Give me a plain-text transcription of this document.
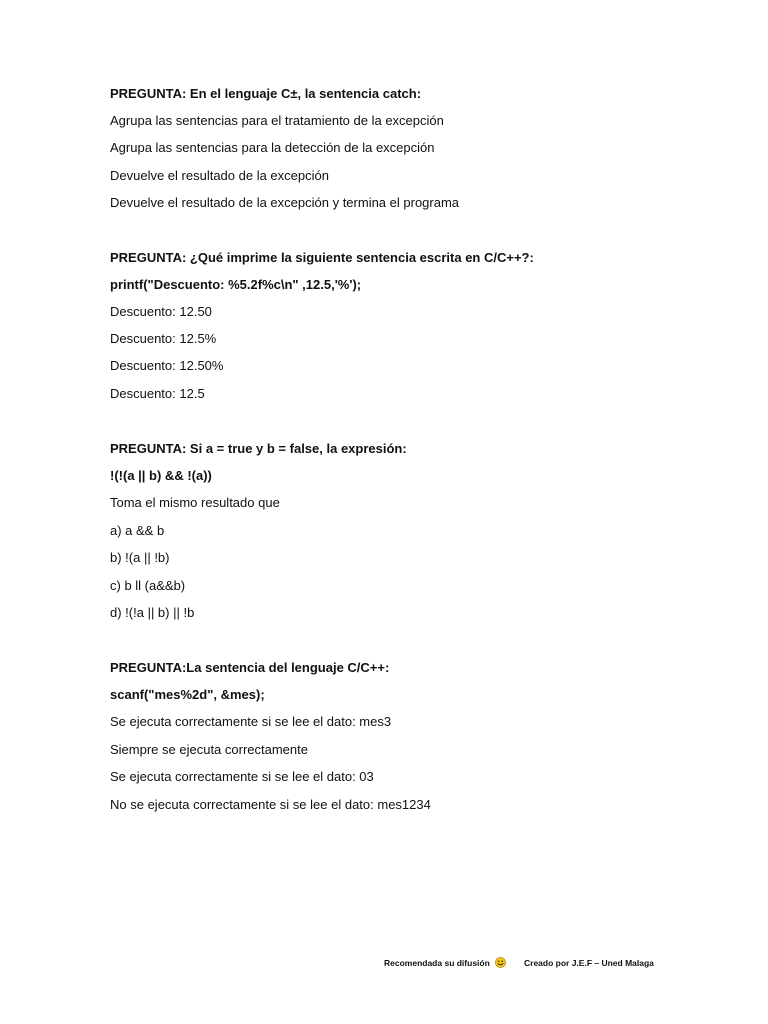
PREGUNTA: En el lenguaje C±, la sentencia catch:
Agrupa las sentencias para el tratamiento de la excepción
Agrupa las sentencias para la detección de la excepción
Devuelve el resultado de la excepción
Devuelve el resultado de la excepción y termina el programa
PREGUNTA: ¿Qué imprime la siguiente sentencia escrita en C/C++?:
printf("Descuento: %5.2f%c\n" ,12.5,'%');
Descuento: 12.50
Descuento: 12.5%
Descuento: 12.50%
Descuento: 12.5
PREGUNTA: Si a = true y b = false, la expresión:
!(!(a || b) && !(a))
Toma el mismo resultado que
a) a && b
b) !(a || !b)
c) b ll (a&&b)
d) !(!a || b) || !b
PREGUNTA:La sentencia del lenguaje C/C++:
scanf("mes%2d", &mes);
Se ejecuta correctamente si se lee el dato: mes3
Siempre se ejecuta correctamente
Se ejecuta correctamente si se lee el dato: 03
No se ejecuta correctamente si se lee el dato: mes1234
Recomendada su difusión	Creado por J.E.F – Uned Malaga
